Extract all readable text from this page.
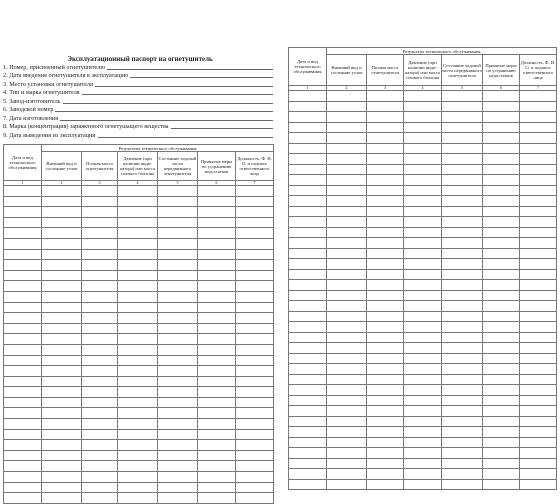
Эксплуатационный паспорт на огнетушитель
1. Номер, присвоенный огнетушителю
2. Дата введения огнетушителя в эксплуатацию
3. Место установки огнетушителя
4. Тип и марка огнетушителя
5. Завод-изготовитель
6. Заводской номер
7. Дата изготовления
8. Марка (концентрация) заряженного огнетушащего вещества
9. Дата выведения из эксплуатации
Дата и вид технического обслуживания	Результаты технического обслуживания					
	Внешний вид и состояние узлов	Полная масса огнетушителя	Давление (при наличии инди-катора) или масса газового баллона	Состояние ходовой части передвижного огнетушителя	Принятые меры по устранению недостатков	Должность, Ф. И. О. и подпись ответственного лица
1	2	3	4	5	6	7

Дата и вид технического обслуживания	Результаты технического обслуживания					
	Внешний вид и состояние узлов	Полная масса огнетушителя	Давление (при наличии инди-катора) или масса газового баллона	Состояние ходовой части передвижного огнетушителя	Принятые меры по устранению недостатков	Должность, Ф. И. О. и подпись ответственного лица
1	2	3	4	5	6	7
